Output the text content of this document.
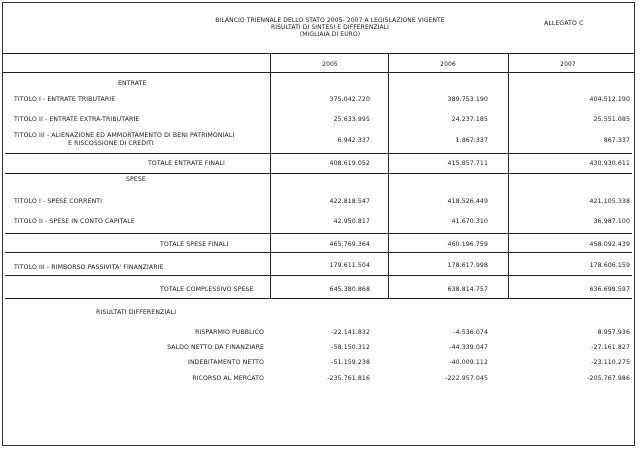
BILANCIO TRIENNALE DELLO STATO 2005- 2007 A LEGISLAZIONE VIGENTE
RISULTATI DI SINTESI E DIFFERENZIALI
(MIGLIAIA DI EURO)
ALLEGATO C
2005	2006	2007
ENTRATE
TITOLO I - ENTRATE TRIBUTARIE	375.042.720	389.753.190	404.512.190
TITOLO II - ENTRATE EXTRA-TRIBUTARIE	25.633.995	24.237.185	25.551.085
TITOLO III - ALIENAZIONE ED AMMORTAMENTO DI BENI PATRIMONIALI
E RISCOSSIONE DI CREDITI	6.942.337	1.867.337	867.337
TOTALE ENTRATE FINALI	408.619.052	415.857.711	430.930.611
SPESE
TITOLO I - SPESE CORRENTI	422.818.547	418.526.449	421.105.338
TITOLO II - SPESE IN CONTO CAPITALE	42.950.817	41.670.310	36.987.100
TOTALE SPESE FINALI	465.769.364	460.196.759	458.092.439
TITOLO III - RIMBORSO PASSIVITA' FINANZIARIE	179.611.504	178.617.998	178.606.159
TOTALE COMPLESSIVO SPESE	645.380.868	638.814.757	636.698.597
RISULTATI DIFFERENZIALI
RISPARMIO PUBBLICO	-22.141.832	-4.536.074	8.957.936
SALDO NETTO DA FINANZIARE	-58.150.312	-44.339.047	-27.161.827
INDEBITAMENTO NETTO	-51.159.238	-40.009.112	-23.110.275
RICORSO AL MERCATO	-235.761.816	-222.957.045	-205.767.986
